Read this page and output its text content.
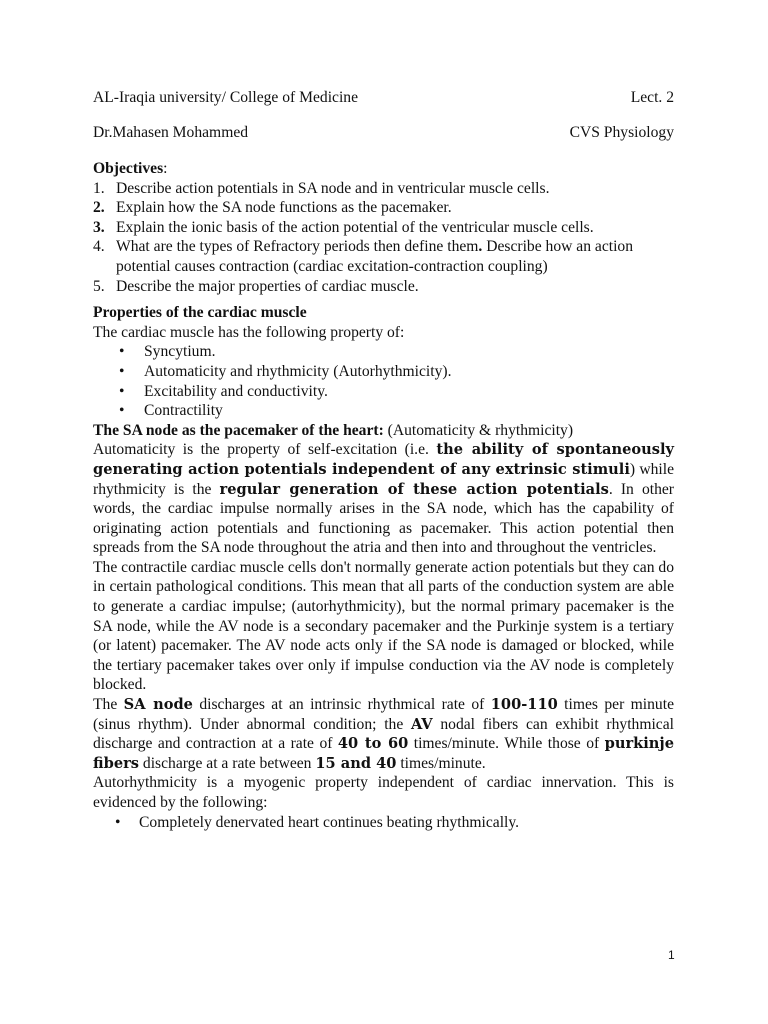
AL-Iraqia university/ College of Medicine	Lect. 2
Dr.Mahasen Mohammed	CVS Physiology
Objectives:
1. Describe action potentials in SA node and in ventricular muscle cells.
2. Explain how the SA node functions as the pacemaker.
3. Explain the ionic basis of the action potential of the ventricular muscle cells.
4. What are the types of Refractory periods then define them. Describe how an action potential causes contraction (cardiac excitation-contraction coupling)
5. Describe the major properties of cardiac muscle.
Properties of the cardiac muscle
The cardiac muscle has the following property of:
• Syncytium.
• Automaticity and rhythmicity (Autorhythmicity).
• Excitability and conductivity.
• Contractility
The SA node as the pacemaker of the heart: (Automaticity & rhythmicity)

Automaticity is the property of self-excitation (i.e. the ability of spontaneously generating action potentials independent of any extrinsic stimuli) while rhythmicity is the regular generation of these action potentials. In other words, the cardiac impulse normally arises in the SA node, which has the capability of originating action potentials and functioning as pacemaker. This action potential then spreads from the SA node throughout the atria and then into and throughout the ventricles.

The contractile cardiac muscle cells don't normally generate action potentials but they can do in certain pathological conditions. This mean that all parts of the conduction system are able to generate a cardiac impulse; (autorhythmicity), but the normal primary pacemaker is the SA node, while the AV node is a secondary pacemaker and the Purkinje system is a tertiary (or latent) pacemaker. The AV node acts only if the SA node is damaged or blocked, while the tertiary pacemaker takes over only if impulse conduction via the AV node is completely blocked.

The SA node discharges at an intrinsic rhythmical rate of 100-110 times per minute (sinus rhythm). Under abnormal condition; the AV nodal fibers can exhibit rhythmical discharge and contraction at a rate of 40 to 60 times/minute. While those of purkinje fibers discharge at a rate between 15 and 40 times/minute.

Autorhythmicity is a myogenic property independent of cardiac innervation. This is evidenced by the following:

• Completely denervated heart continues beating rhythmically.
1
